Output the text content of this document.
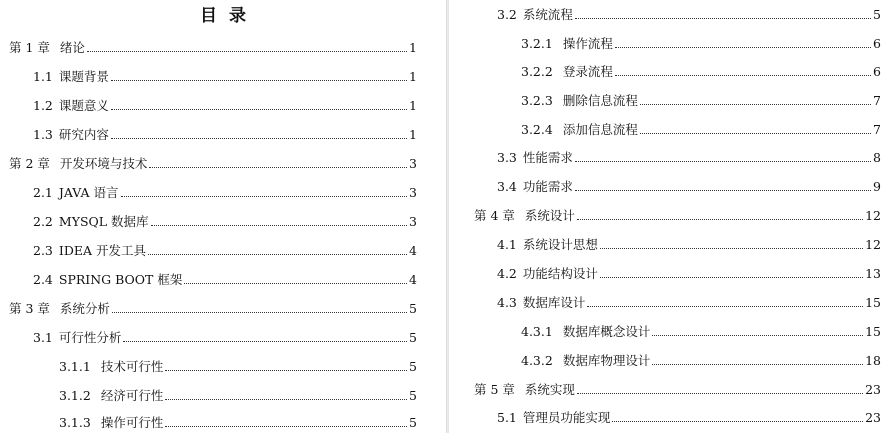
目录
第 1 章 绪论	1
1.1 课题背景	1
1.2 课题意义	1
1.3 研究内容	1
第 2 章 开发环境与技术	3
2.1 JAVA 语言	3
2.2 MYSQL 数据库	3
2.3 IDEA 开发工具	4
2.4 SPRING BOOT 框架	4
第 3 章 系统分析	5
3.1 可行性分析	5
3.1.1 技术可行性	5
3.1.2 经济可行性	5
3.1.3 操作可行性	5
3.2 系统流程	5
3.2.1 操作流程	6
3.2.2 登录流程	6
3.2.3 删除信息流程	7
3.2.4 添加信息流程	7
3.3 性能需求	8
3.4 功能需求	9
第 4 章 系统设计	12
4.1 系统设计思想	12
4.2 功能结构设计	13
4.3 数据库设计	15
4.3.1 数据库概念设计	15
4.3.2 数据库物理设计	18
第 5 章 系统实现	23
5.1 管理员功能实现	23
